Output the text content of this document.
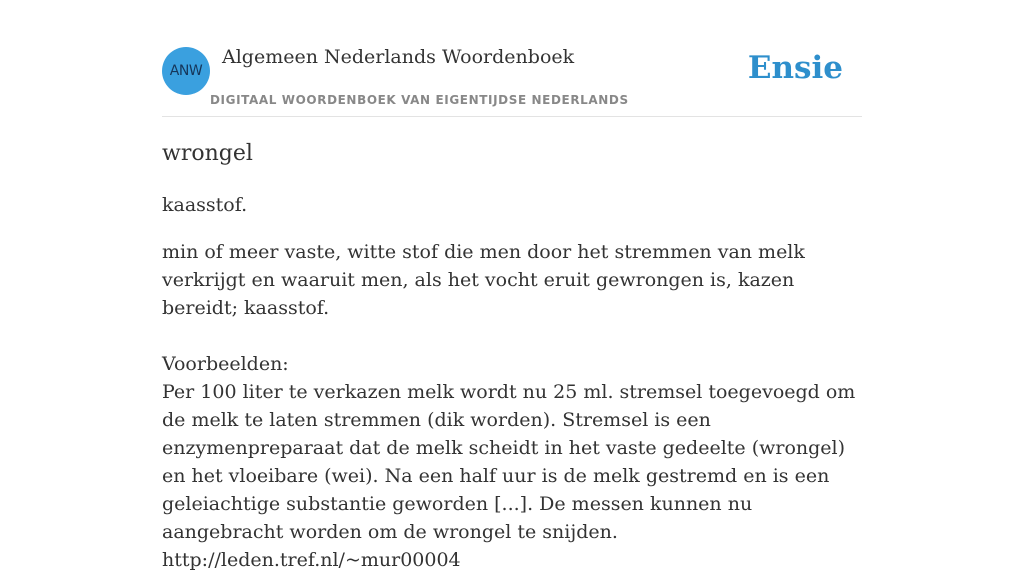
ANW
Algemeen Nederlands Woordenboek
DIGITAAL WOORDENBOEK VAN EIGENTIJDSE NEDERLANDS
Ensie
wrongel
kaasstof.
min of meer vaste, witte stof die men door het stremmen van melk verkrijgt en waaruit men, als het vocht eruit gewrongen is, kazen bereidt; kaasstof.
Voorbeelden:
Per 100 liter te verkazen melk wordt nu 25 ml. stremsel toegevoegd om de melk te laten stremmen (dik worden). Stremsel is een enzymenpreparaat dat de melk scheidt in het vaste gedeelte (wrongel) en het vloeibare (wei). Na een half uur is de melk gestremd en is een geleiachtige substantie geworden [...]. De messen kunnen nu aangebracht worden om de wrongel te snijden.
http://leden.tref.nl/~mur00004
